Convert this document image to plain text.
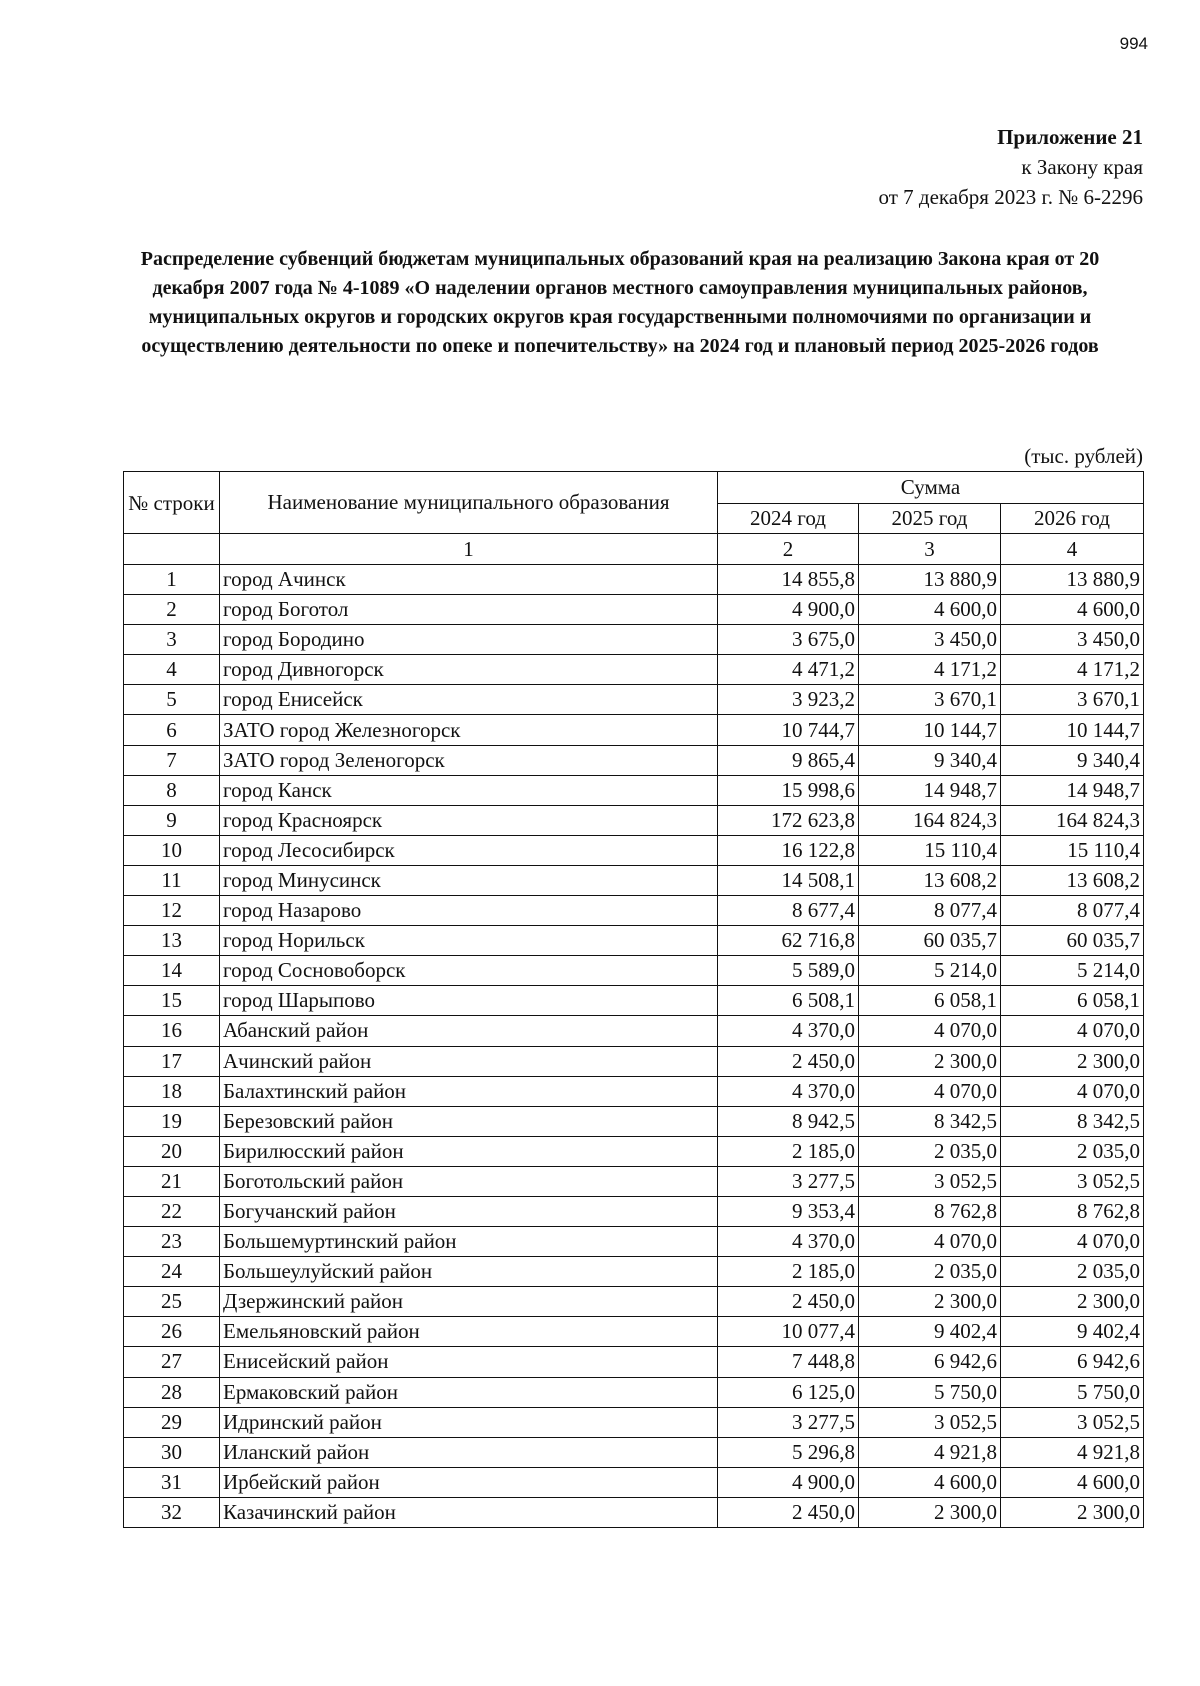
994
Приложение 21
к Закону края
от 7 декабря 2023 г. № 6-2296
Распределение субвенций бюджетам муниципальных образований края на реализацию Закона края от 20 декабря 2007 года № 4-1089 «О наделении органов местного самоуправления муниципальных районов, муниципальных округов и городских округов края государственными полномочиями по организации и осуществлению деятельности по опеке и попечительству» на 2024 год и плановый период 2025-2026 годов
(тыс. рублей)
№ строки	Наименование муниципального образования	Сумма		
		2024 год	2025 год	2026 год
	1	2	3	4
1	город Ачинск	14 855,8	13 880,9	13 880,9
2	город Боготол	4 900,0	4 600,0	4 600,0
3	город Бородино	3 675,0	3 450,0	3 450,0
4	город Дивногорск	4 471,2	4 171,2	4 171,2
5	город Енисейск	3 923,2	3 670,1	3 670,1
6	ЗАТО город Железногорск	10 744,7	10 144,7	10 144,7
7	ЗАТО город Зеленогорск	9 865,4	9 340,4	9 340,4
8	город Канск	15 998,6	14 948,7	14 948,7
9	город Красноярск	172 623,8	164 824,3	164 824,3
10	город Лесосибирск	16 122,8	15 110,4	15 110,4
11	город Минусинск	14 508,1	13 608,2	13 608,2
12	город Назарово	8 677,4	8 077,4	8 077,4
13	город Норильск	62 716,8	60 035,7	60 035,7
14	город Сосновоборск	5 589,0	5 214,0	5 214,0
15	город Шарыпово	6 508,1	6 058,1	6 058,1
16	Абанский район	4 370,0	4 070,0	4 070,0
17	Ачинский район	2 450,0	2 300,0	2 300,0
18	Балахтинский район	4 370,0	4 070,0	4 070,0
19	Березовский район	8 942,5	8 342,5	8 342,5
20	Бирилюсский район	2 185,0	2 035,0	2 035,0
21	Боготольский район	3 277,5	3 052,5	3 052,5
22	Богучанский район	9 353,4	8 762,8	8 762,8
23	Большемуртинский район	4 370,0	4 070,0	4 070,0
24	Большеулуйский район	2 185,0	2 035,0	2 035,0
25	Дзержинский район	2 450,0	2 300,0	2 300,0
26	Емельяновский район	10 077,4	9 402,4	9 402,4
27	Енисейский район	7 448,8	6 942,6	6 942,6
28	Ермаковский район	6 125,0	5 750,0	5 750,0
29	Идринский район	3 277,5	3 052,5	3 052,5
30	Иланский район	5 296,8	4 921,8	4 921,8
31	Ирбейский район	4 900,0	4 600,0	4 600,0
32	Казачинский район	2 450,0	2 300,0	2 300,0
